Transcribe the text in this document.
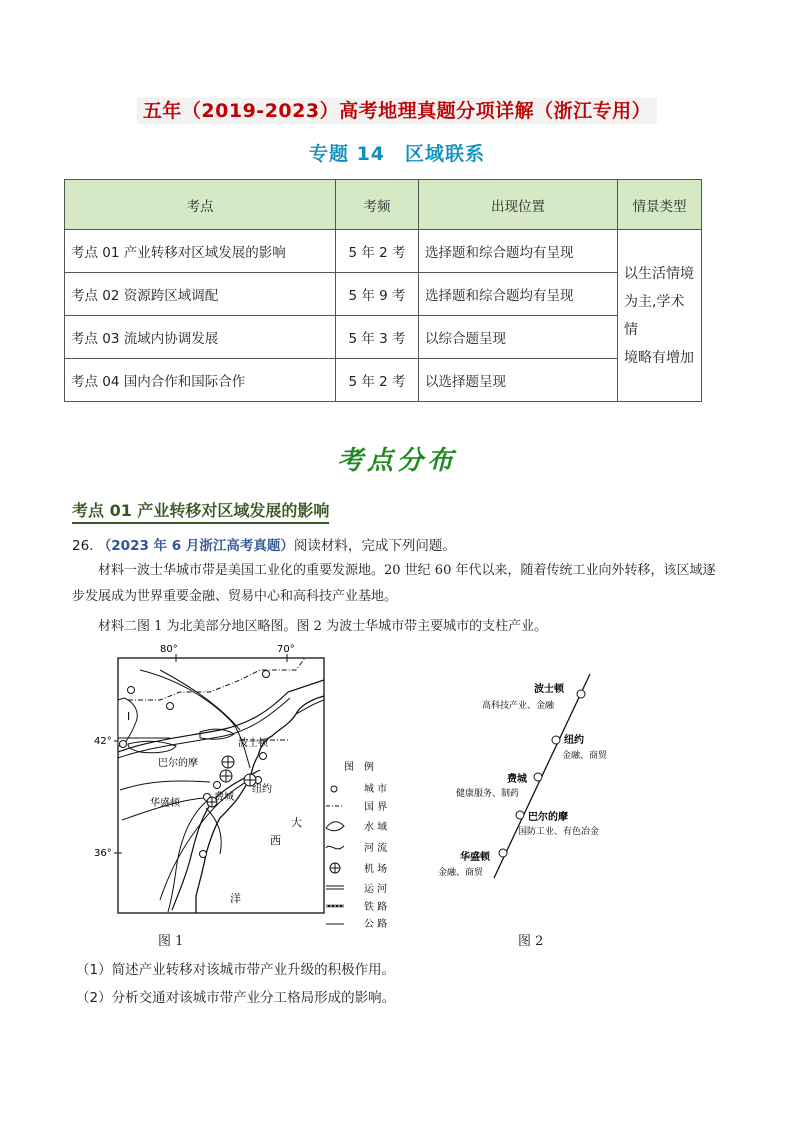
五年（2019-2023）高考地理真题分项详解（浙江专用）
专题 14　区域联系
考点	考频	出现位置	情景类型
考点 01 产业转移对区域发展的影响	5 年 2 考	选择题和综合题均有呈现	以生活情境
为主,学术情
境略有增加

考点 02 资源跨区域调配	5 年 9 考	选择题和综合题均有呈现	
考点 03 流域内协调发展	5 年 3 考	以综合题呈现	
考点 04 国内合作和国际合作	5 年 2 考	以选择题呈现	
考点分布
考点 01 产业转移对区域发展的影响
26. （2023 年 6 月浙江高考真题）阅读材料，完成下列问题。
材料一波士华城市带是美国工业化的重要发源地。20 世纪 60 年代以来，随着传统工业向外转移，该区域逐步发展成为世界重要金融、贸易中心和高科技产业基地。
材料二图 1 为北美部分地区略图。图 2 为波士华城市带主要城市的支柱产业。
80°	70°
42°
36°
I
波士顿
巴尔的摩
纽约
费城
华盛顿
大
西
洋
图　例
城 市
国 界
水 域
河 流
机 场
运 河
铁 路
公 路
图 1
波士顿
高科技产业、金融
纽约
金融、商贸
费城
健康服务、制药
巴尔的摩
国防工业、有色冶金
华盛顿
金融、商贸
图 2
（1）简述产业转移对该城市带产业升级的积极作用。
（2）分析交通对该城市带产业分工格局形成的影响。
